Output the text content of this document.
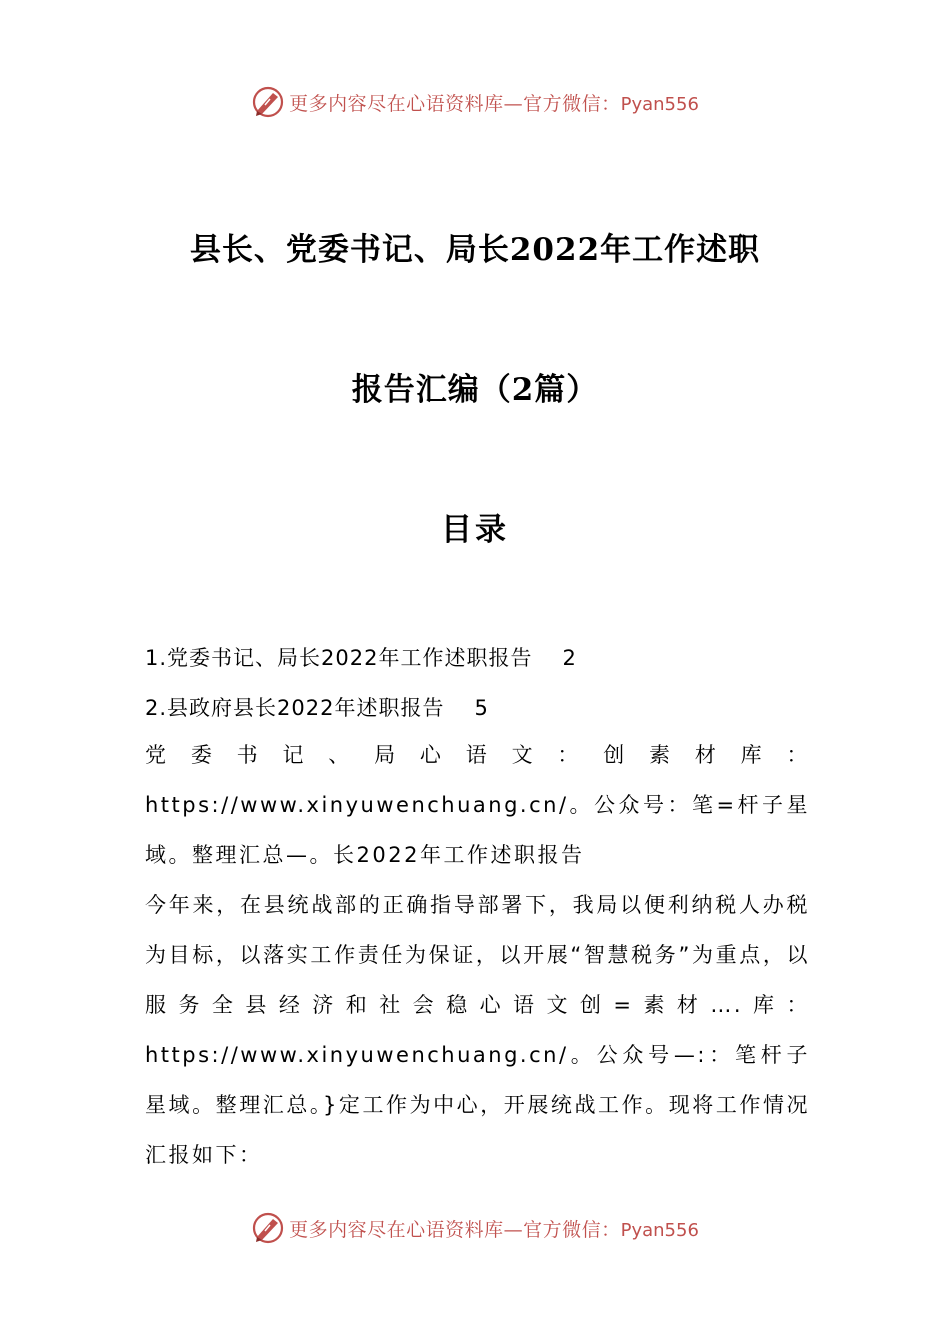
更多内容尽在心语资料库—官方微信：Pyan556
县长、党委书记、局长2022年工作述职
报告汇编（2篇）
目录
1.党委书记、局长2022年工作述职报告 2
2.县政府县长2022年述职报告 5

党委书记、局心语文：创素材库：https://www.xinyuwenchuang.cn/。公众号：笔=杆子星域。整理汇总—。长2022年工作述职报告

今年来，在县统战部的正确指导部署下，我局以便利纳税人办税为目标，以落实工作责任为保证，以开展“智慧税务”为重点，以服务全县经济和社会稳心语文创=素材….库：https://www.xinyuwenchuang.cn/。公众号—:：笔杆子星域。整理汇总。}定工作为中心，开展统战工作。现将工作情况汇报如下：

更多内容尽在心语资料库—官方微信：Pyan556
